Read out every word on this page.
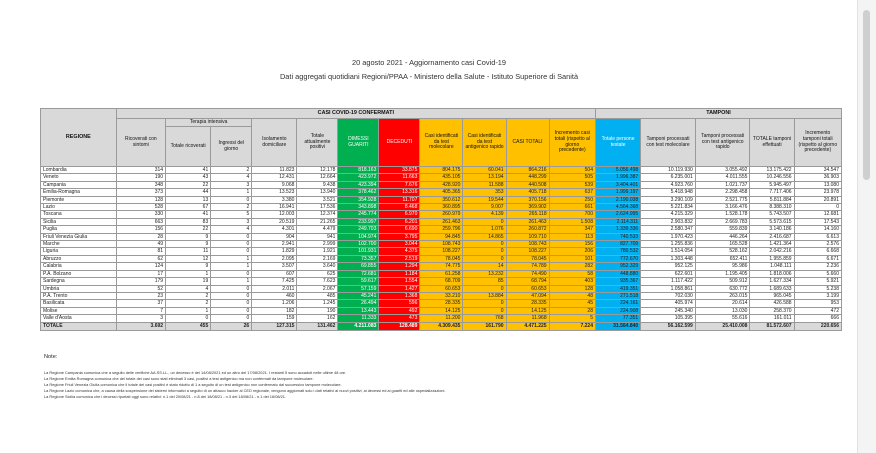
20 agosto 2021 - Aggiornamento casi Covid-19
Dati aggregati quotidiani Regioni/PPAA - Ministero della Salute - Istituto Superiore di Sanità
REGIONE	CASI COVID-19 CONFERMATI											TAMPONI				
	Ricoverati con sintomi	Terapia intensiva		Isolamento domiciliare	Totale attualmente positivi	DIMESSI GUARITI	DECEDUTI	Casi identificati da test molecolare	Casi identificati da test antigenico rapido	CASI TOTALI	Incremento casi totali (rispetto al giorno precedente)	Totale persone testate	Tamponi processati con test molecolare	Tamponi processati con test antigenico rapido	TOTALE tamponi effettuati	Incremento tamponi totali (rispetto al giorno precedente)
		Totale ricoverati	Ingressi del giorno													
Lombardia	314	41	2	11.823	12.178	818.163	33.875	804.175	60.041	864.216	504	5.056.498	10.119.930	3.055.492	13.175.422	34.547
Veneto	190	43	4	12.431	12.664	423.972	11.663	435.105	13.194	448.299	505	1.996.387	6.235.001	4.011.555	10.246.556	36.903
Campania	348	22	3	9.068	9.438	423.394	7.676	428.920	11.588	440.508	539	3.404.401	4.923.760	1.021.737	5.945.497	13.080
Emilia-Romagna	373	44	1	13.523	13.940	378.462	13.316	405.365	353	405.718	637	1.999.197	5.418.948	2.298.458	7.717.406	23.978
Piemonte	128	13	0	3.380	3.521	354.928	11.707	350.612	19.544	370.156	250	2.190.038	3.290.109	2.521.775	5.811.884	20.891
Lazio	528	67	2	16.941	17.536	343.898	8.468	360.895	9.007	369.902	661	4.564.368	5.221.834	3.166.476	8.388.310	0
Toscana	330	41	5	12.003	12.374	245.774	6.970	260.979	4.139	265.118	700	2.624.995	4.215.329	1.528.178	5.743.507	12.681
Sicilia	663	83	3	20.519	21.265	233.997	6.201	261.463	0	261.463	1.508	2.114.311	2.903.832	2.669.783	5.573.615	17.543
Puglia	156	22	4	4.301	4.479	249.703	6.690	259.796	1.076	260.872	347	1.339.336	2.580.347	559.839	3.140.186	14.160
Friuli Venezia Giulia	28	9	0	904	941	104.974	3.795	94.845	14.865	109.710	113	740.533	1.970.423	446.264	2.416.687	6.613
Marche	49	9	0	2.941	2.999	102.700	3.044	108.743	0	108.743	156	827.709	1.255.836	165.528	1.421.364	2.576
Liguria	81	11	0	1.829	1.921	101.931	4.375	108.227	0	108.227	206	780.532	1.514.054	528.162	2.042.216	6.668
Abruzzo	62	12	1	2.095	2.169	73.357	2.519	78.045	0	78.045	101	772.670	1.303.448	652.411	1.955.859	6.671
Calabria	124	9	1	3.507	3.640	69.855	1.294	74.775	14	74.789	282	952.329	952.125	95.986	1.048.111	2.236
P.A. Bolzano	17	1	0	607	625	72.681	1.184	61.258	13.232	74.490	58	448.880	622.601	1.195.405	1.818.006	5.660
Sardegna	179	19	1	7.425	7.623	59.617	1.554	68.709	85	68.794	403	935.367	1.117.422	509.912	1.627.334	5.921
Umbria	52	4	0	2.011	2.067	57.159	1.427	60.653	0	60.653	128	419.351	1.058.861	630.772	1.689.633	5.238
P.A. Trento	23	2	0	460	485	45.241	1.368	33.210	13.884	47.094	48	271.518	702.030	263.015	965.045	3.199
Basilicata	37	2	0	1.206	1.245	26.494	596	28.335	0	28.335	45	224.161	405.974	20.614	426.588	953
Molise	7	1	0	182	190	13.443	492	14.125	0	14.125	28	224.908	245.340	13.030	258.370	472
Valle d'Aosta	3	0	0	159	162	11.333	473	11.200	768	11.968	5	77.351	105.395	55.616	161.011	666
TOTALE	3.692	455	26	127.315	131.462	4.211.083	128.489	4.309.435	161.790	4.471.225	7.224	31.564.840	56.162.599	25.410.008	81.572.607	220.656
Note:
La Regione Campania comunica che a seguito delle verifiche AA.SS.LL., un decesso è del 14/08/2021 ed un altro del 17/08/2021. I restanti 5 sono accaduti nelle ultime 48 ore.
La Regione Emilia Romagna comunica che del totale dei casi sono stati eliminati 3 casi, positivi a test antigenico ma non confermati da tampone molecolare.
La Regione Friuli Venezia Giulia comunica che il totale dei casi positivi è stato ridotto di 1 a seguito di un test antigenico non confermato dal successivo tampone molecolare.
La Regione Lazio comunica che, a causa della sospensione dei sistemi informatici a seguito di un attacco hacker al CED regionale, vengono aggiornati solo i dati relativi ai nuovi positivi, ai decessi ed ai guariti ed alle ospedalizzazioni.
La Regione Sicilia comunica che i decessi riportati oggi sono relativi: n.1 del 20/08/21 - n.8 del 18/08/21 - n.3 del 18/08/21 - n.1 del 16/08/21.
